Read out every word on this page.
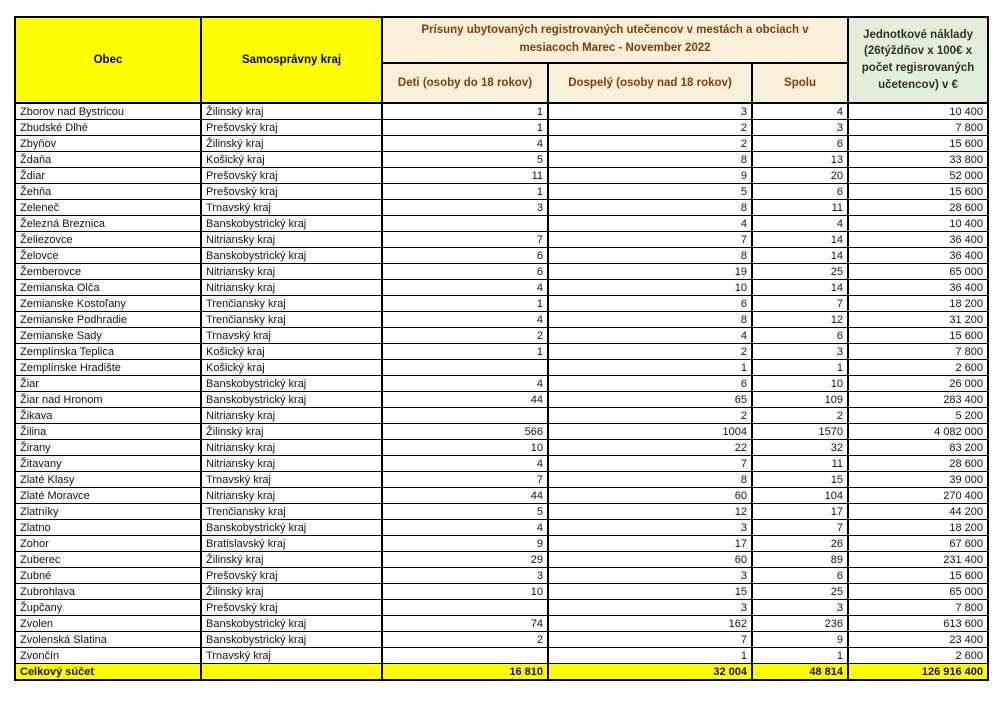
Obec	Samosprávny kraj	Prísuny ubytovaných registrovaných utečencov v mestách a obciach v mesiacoch Marec - November 2022			Jednotkové náklady (26týždňov x 100€ x počet regisrovaných učetencov) v €
		Deti (osoby do 18 rokov)	Dospelý (osoby nad 18 rokov)	Spolu	
Zborov nad Bystricou	Žilinský kraj	1	3	4	10 400
Zbudské Dlhé	Prešovský kraj	1	2	3	7 800
Zbyňov	Žilinský kraj	4	2	6	15 600
Ždaňa	Košický kraj	5	8	13	33 800
Ždiar	Prešovský kraj	11	9	20	52 000
Žehňa	Prešovský kraj	1	5	6	15 600
Zeleneč	Trnavský kraj	3	8	11	28 600
Železná Breznica	Banskobystrický kraj		4	4	10 400
Želiezovce	Nitriansky kraj	7	7	14	36 400
Želovce	Banskobystrický kraj	6	8	14	36 400
Žemberovce	Nitriansky kraj	6	19	25	65 000
Zemianska Olča	Nitriansky kraj	4	10	14	36 400
Zemianske Kostoľany	Trenčiansky kraj	1	6	7	18 200
Zemianske Podhradie	Trenčiansky kraj	4	8	12	31 200
Zemianske Sady	Trnavský kraj	2	4	6	15 600
Zemplínska Teplica	Košický kraj	1	2	3	7 800
Zemplínske Hradište	Košický kraj		1	1	2 600
Žiar	Banskobystrický kraj	4	6	10	26 000
Žiar nad Hronom	Banskobystrický kraj	44	65	109	283 400
Žikava	Nitriansky kraj		2	2	5 200
Žilina	Žilinský kraj	566	1004	1570	4 082 000
Žirany	Nitriansky kraj	10	22	32	83 200
Žitavany	Nitriansky kraj	4	7	11	28 600
Zlaté Klasy	Trnavský kraj	7	8	15	39 000
Zlaté Moravce	Nitriansky kraj	44	60	104	270 400
Zlatníky	Trenčiansky kraj	5	12	17	44 200
Zlatno	Banskobystrický kraj	4	3	7	18 200
Zohor	Bratislavský kraj	9	17	26	67 600
Zuberec	Žilinský kraj	29	60	89	231 400
Zubné	Prešovský kraj	3	3	6	15 600
Zubrohlava	Žilinský kraj	10	15	25	65 000
Župčany	Prešovský kraj		3	3	7 800
Zvolen	Banskobystrický kraj	74	162	236	613 600
Zvolenská Slatina	Banskobystrický kraj	2	7	9	23 400
Zvončín	Trnavský kraj		1	1	2 600
Celkový súčet		16 810	32 004	48 814	126 916 400
